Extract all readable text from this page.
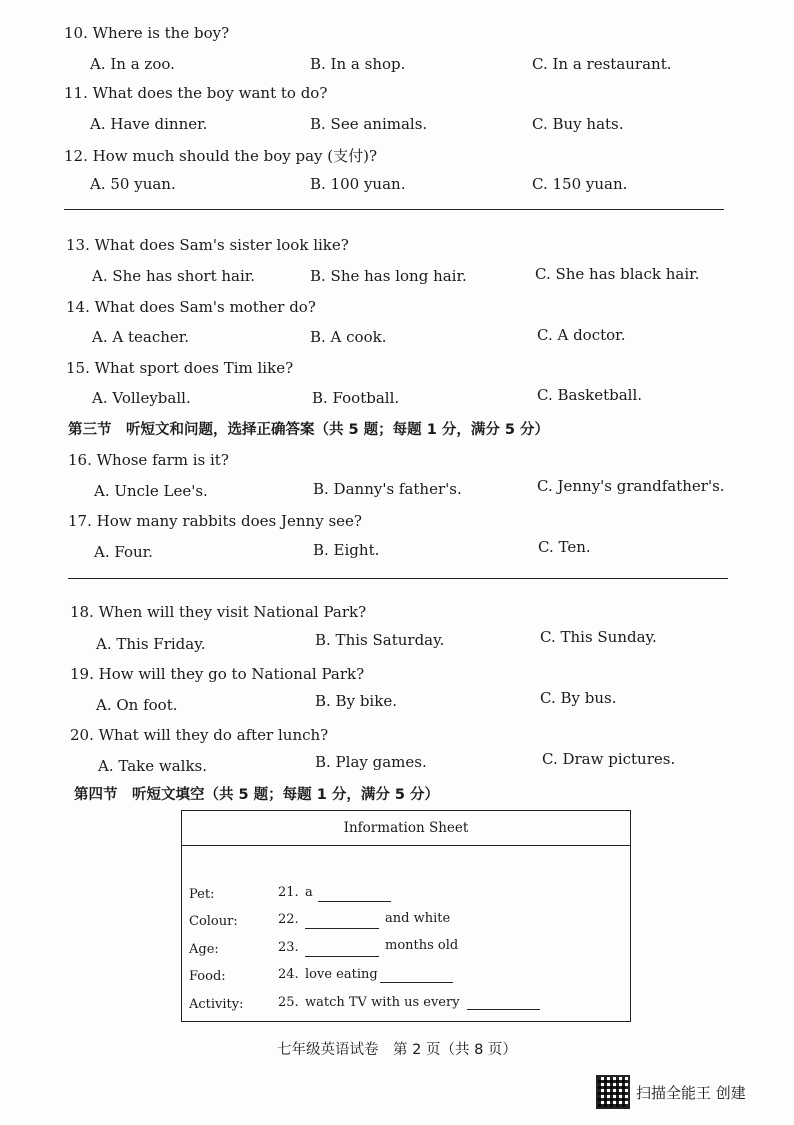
10. Where is the boy?
A. In a zoo.	B. In a shop.	C. In a restaurant.
11. What does the boy want to do?
A. Have dinner.	B. See animals.	C. Buy hats.
12. How much should the boy pay (支付)?
A. 50 yuan.	B. 100 yuan.	C. 150 yuan.
13. What does Sam's sister look like?
A. She has short hair.	B. She has long hair.	C. She has black hair.
14. What does Sam's mother do?
A. A teacher.	B. A cook.	C. A doctor.
15. What sport does Tim like?
A. Volleyball.	B. Football.	C. Basketball.
第三节　听短文和问题，选择正确答案（共 5 题；每题 1 分，满分 5 分）
16. Whose farm is it?
A. Uncle Lee's.	B. Danny's father's.	C. Jenny's grandfather's.
17. How many rabbits does Jenny see?
A. Four.	B. Eight.	C. Ten.
18. When will they visit National Park?
A. This Friday.	B. This Saturday.	C. This Sunday.
19. How will they go to National Park?
A. On foot.	B. By bike.	C. By bus.
20. What will they do after lunch?
A. Take walks.	B. Play games.	C. Draw pictures.
第四节　听短文填空（共 5 题；每题 1 分，满分 5 分）
Information Sheet
Pet:	21. a
Colour:	22.	and white
Age:	23.	months old
Food:	24. love eating
Activity:	25. watch TV with us every
七年级英语试卷　第 2 页（共 8 页）
扫描全能王 创建
